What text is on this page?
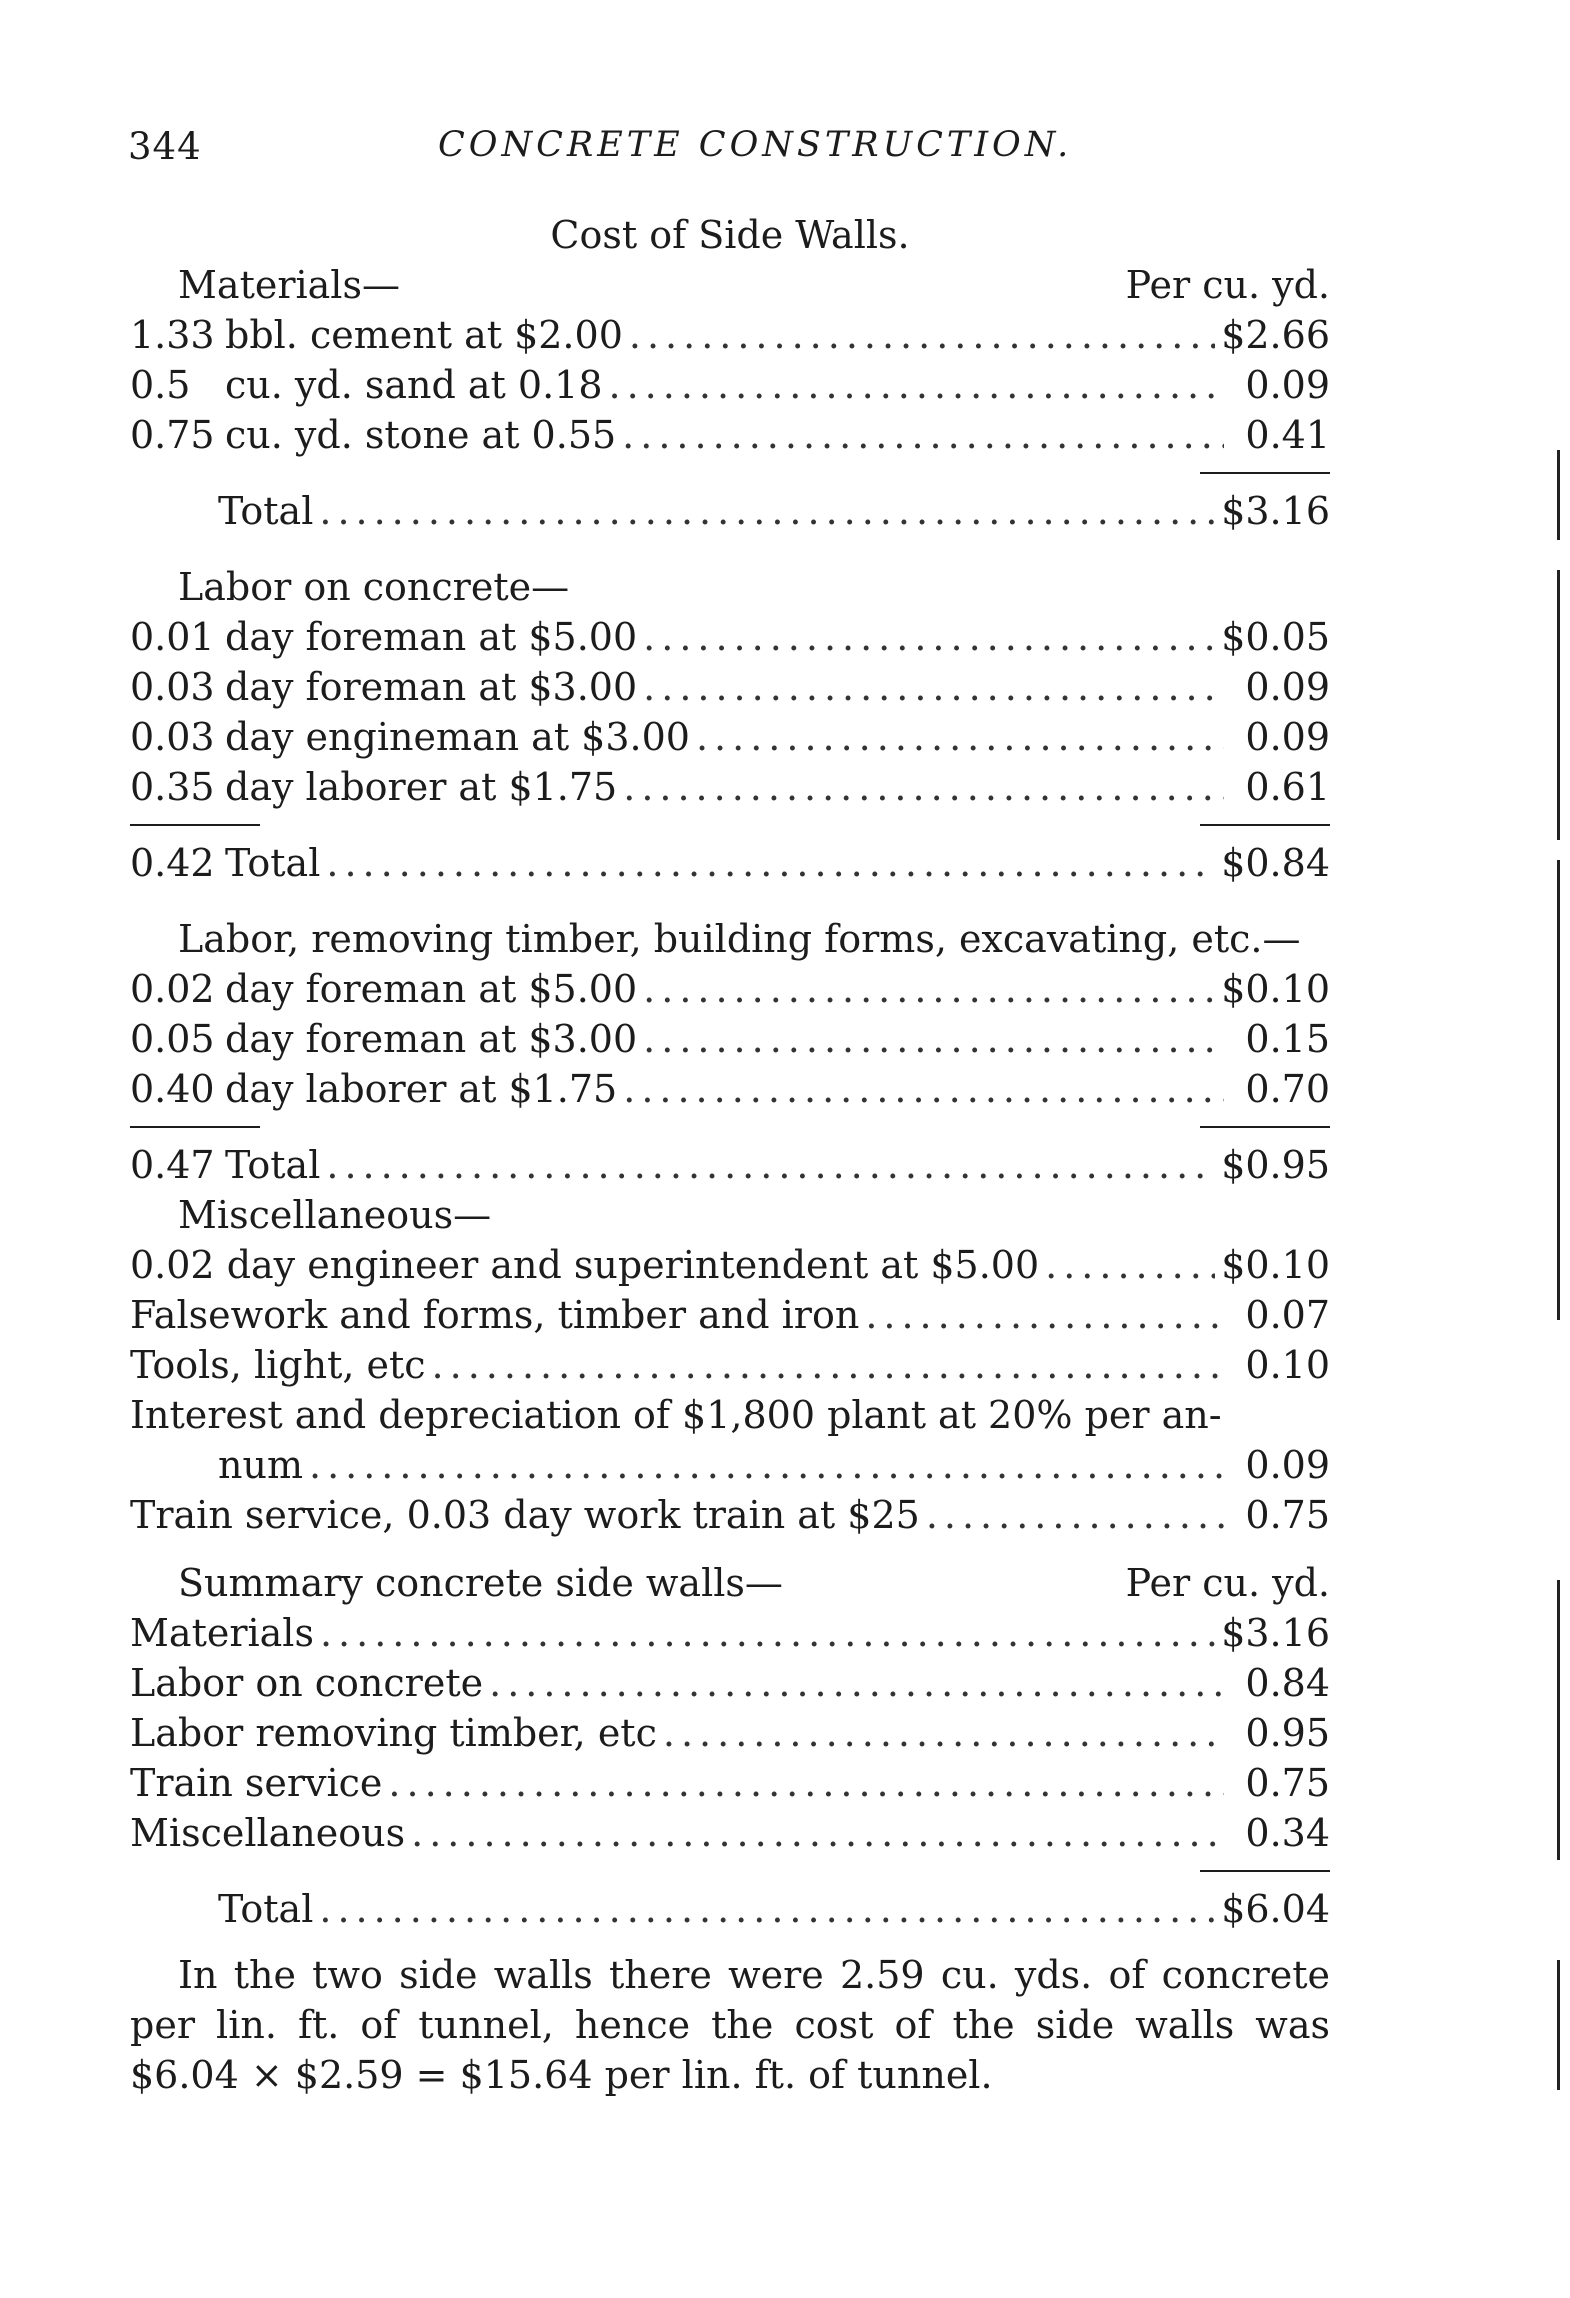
344	CONCRETE CONSTRUCTION.
Cost of Side Walls.
Materials—	Per cu. yd.
1.33 bbl. cement at $2.00 .....	$2.66
0.5 cu. yd. sand at 0.18 .....	0.09
0.75 cu. yd. stone at 0.55 .....	0.41
Total .....	$3.16
Labor on concrete—
0.01 day foreman at $5.00 .....	$0.05
0.03 day foreman at $3.00 .....	0.09
0.03 day engineman at $3.00 .....	0.09
0.35 day laborer at $1.75 .....	0.61
0.42 Total .....	$0.84
Labor, removing timber, building forms, excavating, etc.—
0.02 day foreman at $5.00 .....	$0.10
0.05 day foreman at $3.00 .....	0.15
0.40 day laborer at $1.75 .....	0.70
0.47 Total .....	$0.95
Miscellaneous—
0.02 day engineer and superintendent at $5.00 .....	$0.10
Falsework and forms, timber and iron .....	0.07
Tools, light, etc .....	0.10
Interest and depreciation of $1,800 plant at 20% per an-
num .....	0.09
Train service, 0.03 day work train at $25 .....	0.75
Summary concrete side walls—	Per cu. yd.
Materials .....	$3.16
Labor on concrete .....	0.84
Labor removing timber, etc .....	0.95
Train service .....	0.75
Miscellaneous .....	0.34
Total .....	$6.04
In the two side walls there were 2.59 cu. yds. of concrete per lin. ft. of tunnel, hence the cost of the side walls was $6.04 × $2.59 = $15.64 per lin. ft. of tunnel.
